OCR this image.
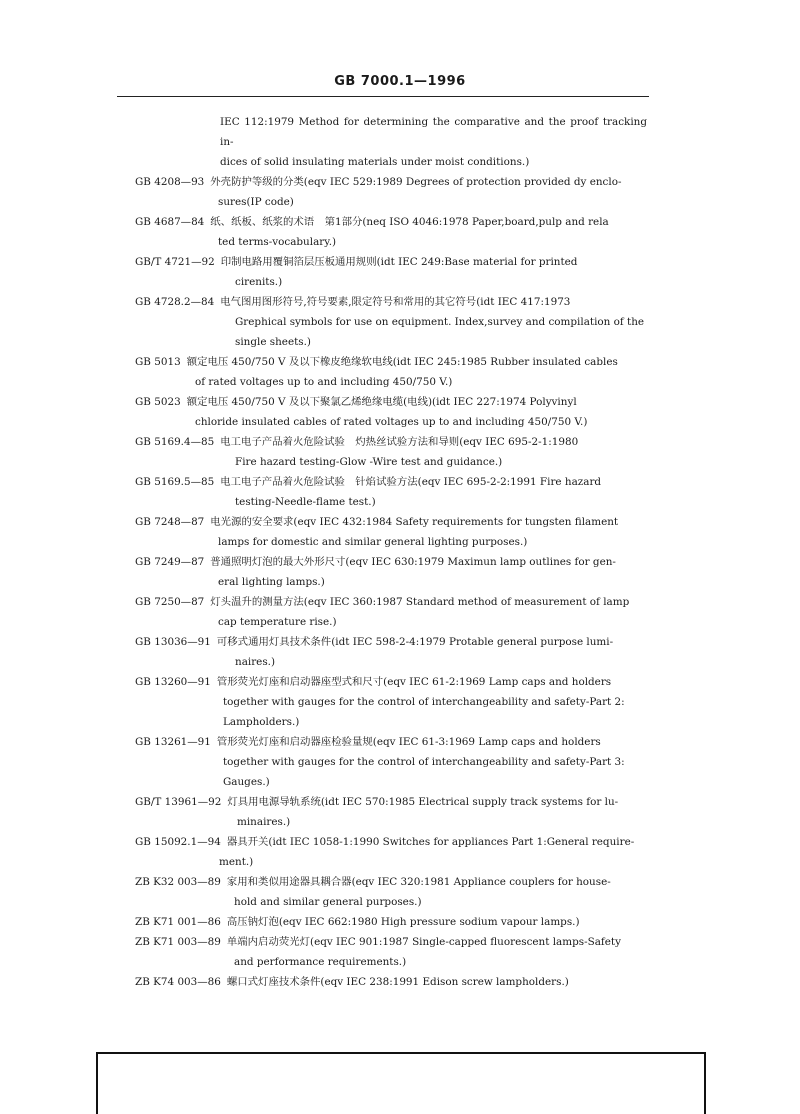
GB 7000.1—1996
IEC 112:1979 Method for determining the comparative and the proof tracking in-
dices of solid insulating materials under moist conditions.)
GB 4208—93 外壳防护等级的分类(eqv IEC 529:1989 Degrees of protection provided dy enclo-
sures(IP code)
GB 4687—84 纸、纸板、纸浆的术语　第1部分(neq ISO 4046:1978 Paper,board,pulp and rela
ted terms-vocabulary.)
GB/T 4721—92 印制电路用覆铜箔层压板通用规则(idt IEC 249:Base material for printed
cirenits.)
GB 4728.2—84 电气图用图形符号,符号要素,限定符号和常用的其它符号(idt IEC 417:1973
Grephical symbols for use on equipment. Index,survey and compilation of the
single sheets.)
GB 5013 额定电压 450/750 V 及以下橡皮绝缘软电线(idt IEC 245:1985 Rubber insulated cables
of rated voltages up to and including 450/750 V.)
GB 5023 额定电压 450/750 V 及以下聚氯乙烯绝缘电缆(电线)(idt IEC 227:1974 Polyvinyl
chloride insulated cables of rated voltages up to and including 450/750 V.)
GB 5169.4—85 电工电子产品着火危险试验　灼热丝试验方法和导则(eqv IEC 695-2-1:1980
Fire hazard testing-Glow -Wire test and guidance.)
GB 5169.5—85 电工电子产品着火危险试验　针焰试验方法(eqv IEC 695-2-2:1991 Fire hazard
testing-Needle-flame test.)
GB 7248—87 电光源的安全要求(eqv IEC 432:1984 Safety requirements for tungsten filament
lamps for domestic and similar general lighting purposes.)
GB 7249—87 普通照明灯泡的最大外形尺寸(eqv IEC 630:1979 Maximun lamp outlines for gen-
eral lighting lamps.)
GB 7250—87 灯头温升的测量方法(eqv IEC 360:1987 Standard method of measurement of lamp
cap temperature rise.)
GB 13036—91 可移式通用灯具技术条件(idt IEC 598-2-4:1979 Protable general purpose lumi-
naires.)
GB 13260—91 管形荧光灯座和启动器座型式和尺寸(eqv IEC 61-2:1969 Lamp caps and holders
together with gauges for the control of interchangeability and safety-Part 2:
Lampholders.)
GB 13261—91 管形荧光灯座和启动器座检验量规(eqv IEC 61-3:1969 Lamp caps and holders
together with gauges for the control of interchangeability and safety-Part 3:
Gauges.)
GB/T 13961—92 灯具用电源导轨系统(idt IEC 570:1985 Electrical supply track systems for lu-
minaires.)
GB 15092.1—94 器具开关(idt IEC 1058-1:1990 Switches for appliances Part 1:General require-
ment.)
ZB K32 003—89 家用和类似用途器具耦合器(eqv IEC 320:1981 Appliance couplers for house-
hold and similar general purposes.)
ZB K71 001—86 高压钠灯泡(eqv IEC 662:1980 High pressure sodium vapour lamps.)
ZB K71 003—89 单端内启动荧光灯(eqv IEC 901:1987 Single-capped fluorescent lamps-Safety
and performance requirements.)
ZB K74 003—86 螺口式灯座技术条件(eqv IEC 238:1991 Edison screw lampholders.)
